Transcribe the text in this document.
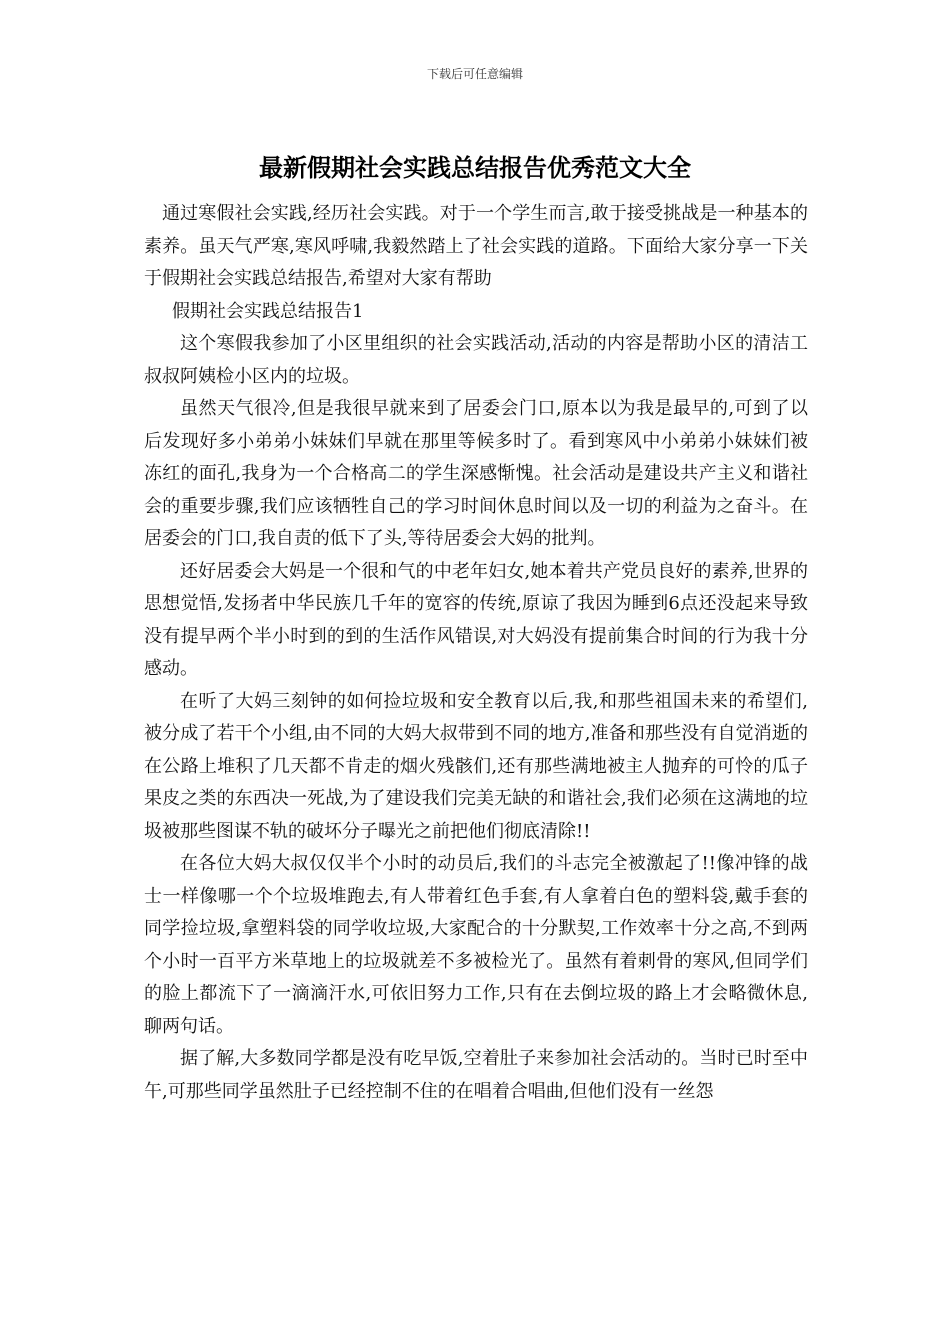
下载后可任意编辑
最新假期社会实践总结报告优秀范文大全

通过寒假社会实践,经历社会实践。对于一个学生而言,敢于接受挑战是一种基本的素养。虽天气严寒,寒风呼啸,我毅然踏上了社会实践的道路。下面给大家分享一下关于假期社会实践总结报告,希望对大家有帮助

假期社会实践总结报告1

这个寒假我参加了小区里组织的社会实践活动,活动的内容是帮助小区的清洁工叔叔阿姨检小区内的垃圾。

虽然天气很冷,但是我很早就来到了居委会门口,原本以为我是最早的,可到了以后发现好多小弟弟小妹妹们早就在那里等候多时了。看到寒风中小弟弟小妹妹们被冻红的面孔,我身为一个合格高二的学生深感惭愧。社会活动是建设共产主义和谐社会的重要步骤,我们应该牺牲自己的学习时间休息时间以及一切的利益为之奋斗。在居委会的门口,我自责的低下了头,等待居委会大妈的批判。

还好居委会大妈是一个很和气的中老年妇女,她本着共产党员良好的素养,世界的思想觉悟,发扬者中华民族几千年的宽容的传统,原谅了我因为睡到6点还没起来导致没有提早两个半小时到的到的生活作风错误,对大妈没有提前集合时间的行为我十分感动。

在听了大妈三刻钟的如何捡垃圾和安全教育以后,我,和那些祖国未来的希望们,被分成了若干个小组,由不同的大妈大叔带到不同的地方,准备和那些没有自觉消逝的在公路上堆积了几天都不肯走的烟火残骸们,还有那些满地被主人抛弃的可怜的瓜子果皮之类的东西决一死战,为了建设我们完美无缺的和谐社会,我们必须在这满地的垃圾被那些图谋不轨的破坏分子曝光之前把他们彻底清除!!

在各位大妈大叔仅仅半个小时的动员后,我们的斗志完全被激起了!!像冲锋的战士一样像哪一个个垃圾堆跑去,有人带着红色手套,有人拿着白色的塑料袋,戴手套的同学捡垃圾,拿塑料袋的同学收垃圾,大家配合的十分默契,工作效率十分之高,不到两个小时一百平方米草地上的垃圾就差不多被检光了。虽然有着刺骨的寒风,但同学们的脸上都流下了一滴滴汗水,可依旧努力工作,只有在去倒垃圾的路上才会略微休息,聊两句话。

据了解,大多数同学都是没有吃早饭,空着肚子来参加社会活动的。当时已时至中午,可那些同学虽然肚子已经控制不住的在唱着合唱曲,但他们没有一丝怨
